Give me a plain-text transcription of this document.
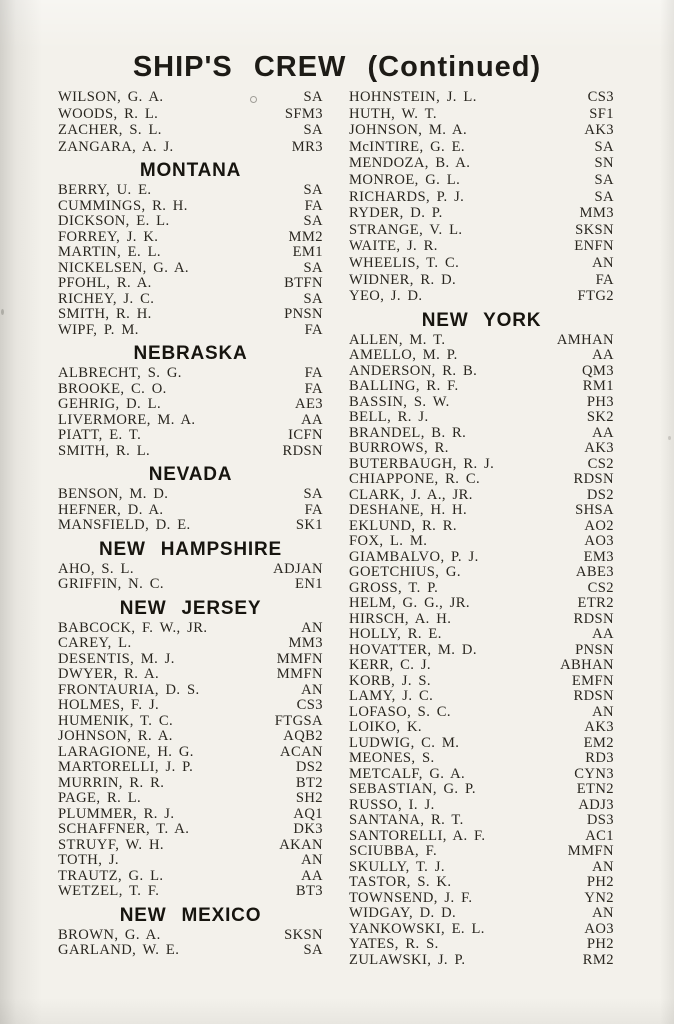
SHIP'S CREW (Continued)
WILSON, G. A.	SA
WOODS, R. L.	SFM3
ZACHER, S. L.	SA
ZANGARA, A. J.	MR3
MONTANA
BERRY, U. E.	SA
CUMMINGS, R. H.	FA
DICKSON, E. L.	SA
FORREY, J. K.	MM2
MARTIN, E. L.	EM1
NICKELSEN, G. A.	SA
PFOHL, R. A.	BTFN
RICHEY, J. C.	SA
SMITH, R. H.	PNSN
WIPF, P. M.	FA
NEBRASKA
ALBRECHT, S. G.	FA
BROOKE, C. O.	FA
GEHRIG, D. L.	AE3
LIVERMORE, M. A.	AA
PIATT, E. T.	ICFN
SMITH, R. L.	RDSN
NEVADA
BENSON, M. D.	SA
HEFNER, D. A.	FA
MANSFIELD, D. E.	SK1
NEW HAMPSHIRE
AHO, S. L.	ADJAN
GRIFFIN, N. C.	EN1
NEW JERSEY
BABCOCK, F. W., JR.	AN
CAREY, L.	MM3
DESENTIS, M. J.	MMFN
DWYER, R. A.	MMFN
FRONTAURIA, D. S.	AN
HOLMES, F. J.	CS3
HUMENIK, T. C.	FTGSA
JOHNSON, R. A.	AQB2
LARAGIONE, H. G.	ACAN
MARTORELLI, J. P.	DS2
MURRIN, R. R.	BT2
PAGE, R. L.	SH2
PLUMMER, R. J.	AQ1
SCHAFFNER, T. A.	DK3
STRUYF, W. H.	AKAN
TOTH, J.	AN
TRAUTZ, G. L.	AA
WETZEL, T. F.	BT3
NEW MEXICO
BROWN, G. A.	SKSN
GARLAND, W. E.	SA
HOHNSTEIN, J. L.	CS3
HUTH, W. T.	SF1
JOHNSON, M. A.	AK3
McINTIRE, G. E.	SA
MENDOZA, B. A.	SN
MONROE, G. L.	SA
RICHARDS, P. J.	SA
RYDER, D. P.	MM3
STRANGE, V. L.	SKSN
WAITE, J. R.	ENFN
WHEELIS, T. C.	AN
WIDNER, R. D.	FA
YEO, J. D.	FTG2
NEW YORK
ALLEN, M. T.	AMHAN
AMELLO, M. P.	AA
ANDERSON, R. B.	QM3
BALLING, R. F.	RM1
BASSIN, S. W.	PH3
BELL, R. J.	SK2
BRANDEL, B. R.	AA
BURROWS, R.	AK3
BUTERBAUGH, R. J.	CS2
CHIAPPONE, R. C.	RDSN
CLARK, J. A., JR.	DS2
DESHANE, H. H.	SHSA
EKLUND, R. R.	AO2
FOX, L. M.	AO3
GIAMBALVO, P. J.	EM3
GOETCHIUS, G.	ABE3
GROSS, T. P.	CS2
HELM, G. G., JR.	ETR2
HIRSCH, A. H.	RDSN
HOLLY, R. E.	AA
HOVATTER, M. D.	PNSN
KERR, C. J.	ABHAN
KORB, J. S.	EMFN
LAMY, J. C.	RDSN
LOFASO, S. C.	AN
LOIKO, K.	AK3
LUDWIG, C. M.	EM2
MEONES, S.	RD3
METCALF, G. A.	CYN3
SEBASTIAN, G. P.	ETN2
RUSSO, I. J.	ADJ3
SANTANA, R. T.	DS3
SANTORELLI, A. F.	AC1
SCIUBBA, F.	MMFN
SKULLY, T. J.	AN
TASTOR, S. K.	PH2
TOWNSEND, J. F.	YN2
WIDGAY, D. D.	AN
YANKOWSKI, E. L.	AO3
YATES, R. S.	PH2
ZULAWSKI, J. P.	RM2
